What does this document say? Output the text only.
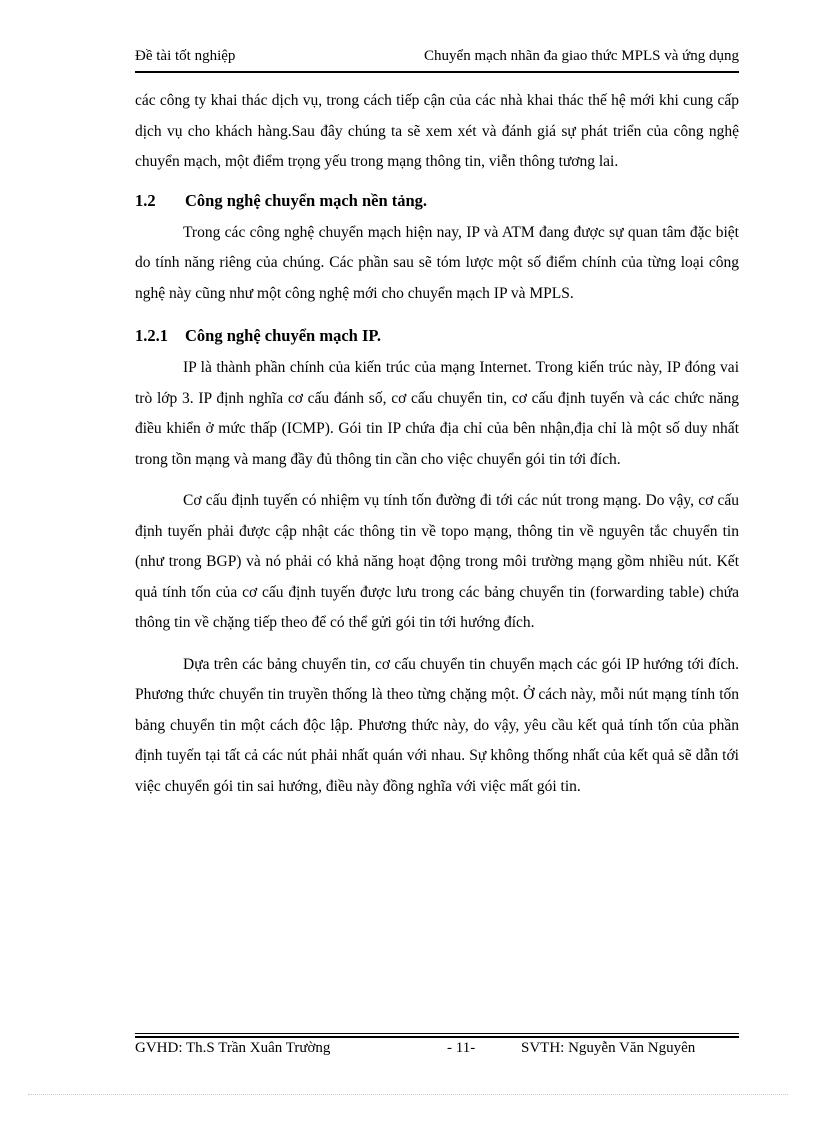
Đề tài tốt nghiệp	Chuyển mạch nhãn đa giao thức MPLS và ứng dụng

các công ty khai thác dịch vụ, trong cách tiếp cận của các nhà khai thác thế hệ mới khi cung cấp dịch vụ cho khách hàng.Sau đây chúng ta sẽ xem xét và đánh giá sự phát triển của công nghệ chuyển mạch, một điểm trọng yếu trong mạng thông tin, viễn thông tương lai.

1.2 Công nghệ chuyển mạch nền tảng.

Trong các công nghệ chuyển mạch hiện nay, IP và ATM đang được sự quan tâm đặc biệt do tính năng riêng của chúng. Các phần sau sẽ tóm lược một số điểm chính của từng loại công nghệ này cũng như một công nghệ mới cho chuyển mạch IP và MPLS.

1.2.1 Công nghệ chuyển mạch IP.

IP là thành phần chính của kiến trúc của mạng Internet. Trong kiến trúc này, IP đóng vai trò lớp 3. IP định nghĩa cơ cấu đánh số, cơ cấu chuyển tin, cơ cấu định tuyến và các chức năng điều khiển ở mức thấp (ICMP). Gói tin IP chứa địa chỉ của bên nhận,địa chỉ là một số duy nhất trong tồn mạng và mang đầy đủ thông tin cần cho việc chuyển gói tin tới đích.

Cơ cấu định tuyến có nhiệm vụ tính tốn đường đi tới các nút trong mạng. Do vậy, cơ cấu định tuyến phải được cập nhật các thông tin về topo mạng, thông tin về nguyên tắc chuyển tin (như trong BGP) và nó phải có khả năng hoạt động trong môi trường mạng gồm nhiều nút. Kết quả tính tốn của cơ cấu định tuyến được lưu trong các bảng chuyển tin (forwarding table) chứa thông tin về chặng tiếp theo để có thể gửi gói tin tới hướng đích.

Dựa trên các bảng chuyển tin, cơ cấu chuyển tin chuyển mạch các gói IP hướng tới đích. Phương thức chuyển tin truyền thống là theo từng chặng một. Ở cách này, mỗi nút mạng tính tốn bảng chuyển tin một cách độc lập. Phương thức này, do vậy, yêu cầu kết quả tính tốn của phần định tuyến tại tất cả các nút phải nhất quán với nhau. Sự không thống nhất của kết quả sẽ dẫn tới việc chuyển gói tin sai hướng, điều này đồng nghĩa với việc mất gói tin.

GVHD: Th.S Trần Xuân Trường	- 11-	SVTH: Nguyễn Văn Nguyên
